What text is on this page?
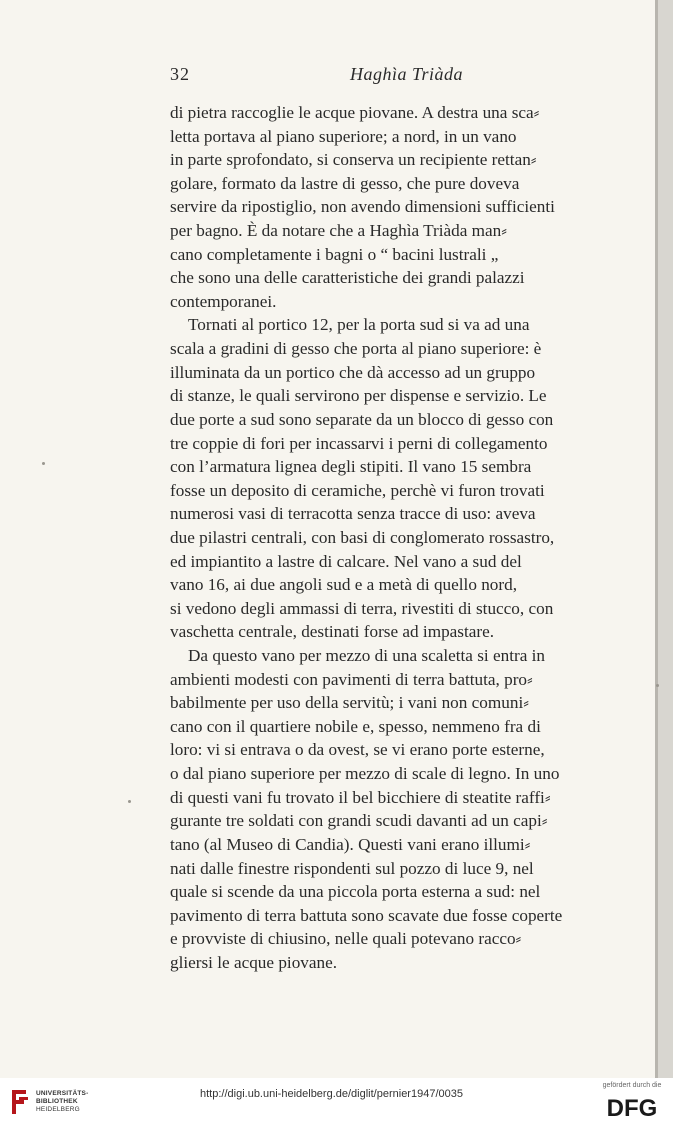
32	Haghìa Triàda
di pietra raccoglie le acque piovane. A destra una sca⸗
letta portava al piano superiore; a nord, in un vano
in parte sprofondato, si conserva un recipiente rettan⸗
golare, formato da lastre di gesso, che pure doveva
servire da ripostiglio, non avendo dimensioni sufficienti
per bagno. È da notare che a Haghìa Triàda man⸗
cano completamente i bagni o “ bacini lustrali „
che sono una delle caratteristiche dei grandi palazzi
contemporanei.
Tornati al portico 12, per la porta sud si va ad una
scala a gradini di gesso che porta al piano superiore: è
illuminata da un portico che dà accesso ad un gruppo
di stanze, le quali servirono per dispense e servizio. Le
due porte a sud sono separate da un blocco di gesso con
tre coppie di fori per incassarvi i perni di collegamento
con l’armatura lignea degli stipiti. Il vano 15 sembra
fosse un deposito di ceramiche, perchè vi furon trovati
numerosi vasi di terracotta senza tracce di uso: aveva
due pilastri centrali, con basi di conglomerato rossastro,
ed impiantito a lastre di calcare. Nel vano a sud del
vano 16, ai due angoli sud e a metà di quello nord,
si vedono degli ammassi di terra, rivestiti di stucco, con
vaschetta centrale, destinati forse ad impastare.
Da questo vano per mezzo di una scaletta si entra in
ambienti modesti con pavimenti di terra battuta, pro⸗
babilmente per uso della servitù; i vani non comuni⸗
cano con il quartiere nobile e, spesso, nemmeno fra di
loro: vi si entrava o da ovest, se vi erano porte esterne,
o dal piano superiore per mezzo di scale di legno. In uno
di questi vani fu trovato il bel bicchiere di steatite raffi⸗
gurante tre soldati con grandi scudi davanti ad un capi⸗
tano (al Museo di Candia). Questi vani erano illumi⸗
nati dalle finestre rispondenti sul pozzo di luce 9, nel
quale si scende da una piccola porta esterna a sud: nel
pavimento di terra battuta sono scavate due fosse coperte
e provviste di chiusino, nelle quali potevano racco⸗
gliersi le acque piovane.
UNIVERSITÄTS-
BIBLIOTHEK
HEIDELBERG
http://digi.ub.uni-heidelberg.de/diglit/pernier1947/0035
gefördert durch die
DFG
